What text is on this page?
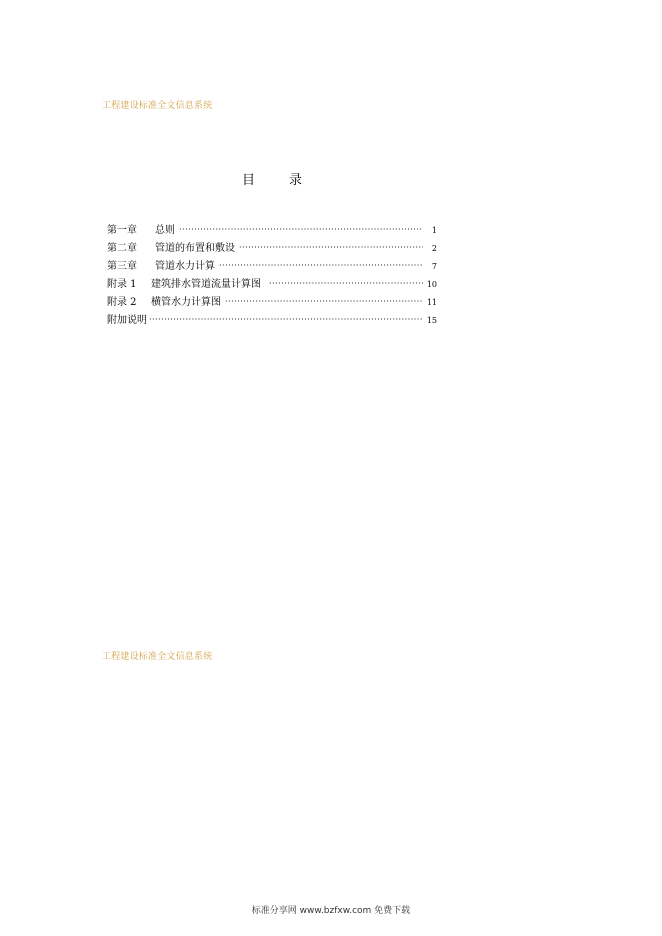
工程建设标准全文信息系统
目	录
第一章	总则 ·····	1
第二章	管道的布置和敷设 ·····	2
第三章	管道水力计算 ·····	7
附录 1	建筑排水管道流量计算图 ·····	10
附录 2	横管水力计算图 ·····	11
附加说明 ·····	15
工程建设标准全文信息系统
标准分享网 www.bzfxw.com 免费下载
